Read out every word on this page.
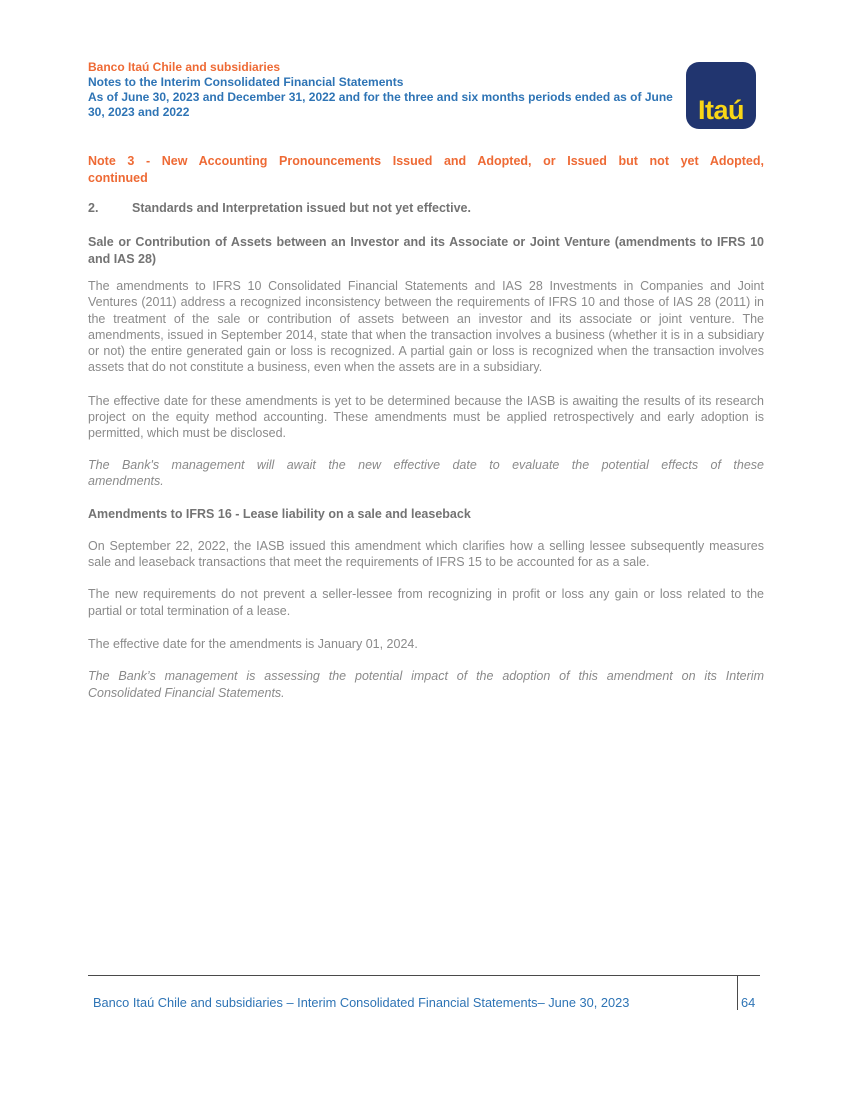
Banco Itaú Chile and subsidiaries
Notes to the Interim Consolidated Financial Statements
As of June 30, 2023 and December 31, 2022 and for the three and six months periods ended as of June 30, 2023 and 2022	Itaú
Note 3 - New Accounting Pronouncements Issued and Adopted, or Issued but not yet Adopted,
continued
2.	Standards and Interpretation issued but not yet effective.
Sale or Contribution of Assets between an Investor and its Associate or Joint Venture (amendments to IFRS 10 and IAS 28)
The amendments to IFRS 10 Consolidated Financial Statements and IAS 28 Investments in Companies and Joint Ventures (2011) address a recognized inconsistency between the requirements of IFRS 10 and those of IAS 28 (2011) in the treatment of the sale or contribution of assets between an investor and its associate or joint venture. The amendments, issued in September 2014, state that when the transaction involves a business (whether it is in a subsidiary or not) the entire generated gain or loss is recognized. A partial gain or loss is recognized when the transaction involves assets that do not constitute a business, even when the assets are in a subsidiary.
The effective date for these amendments is yet to be determined because the IASB is awaiting the results of its research project on the equity method accounting. These amendments must be applied retrospectively and early adoption is permitted, which must be disclosed.
The Bank's management will await the new effective date to evaluate the potential effects of these
amendments.
Amendments to IFRS 16 - Lease liability on a sale and leaseback
On September 22, 2022, the IASB issued this amendment which clarifies how a selling lessee subsequently measures sale and leaseback transactions that meet the requirements of IFRS 15 to be accounted for as a sale.
The new requirements do not prevent a seller-lessee from recognizing in profit or loss any gain or loss related to the partial or total termination of a lease.
The effective date for the amendments is January 01, 2024.
The Bank’s management is assessing the potential impact of the adoption of this amendment on its Interim
Consolidated Financial Statements.
Banco Itaú Chile and subsidiaries – Interim Consolidated Financial Statements– June 30, 2023	64
